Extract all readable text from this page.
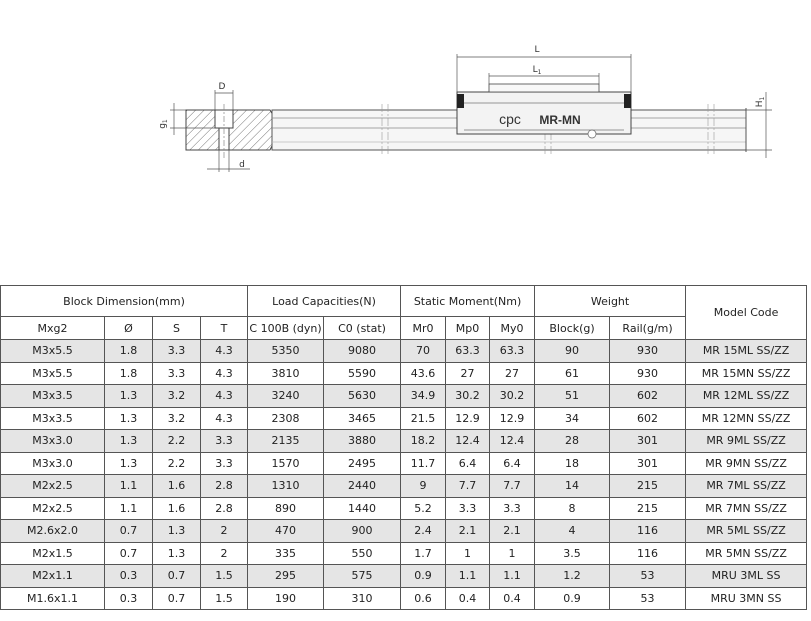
D
d
$g_1$	cpc MR-MN
L
$L_1$
$H_1$
Block Dimension(mm)				Load Capacities(N)		Static Moment(Nm)			Weight		Model Code
Mxg2	Ø	S	T	C 100B (dyn)	C0 (stat)	Mr0	Mp0	My0	Block(g)	Rail(g/m)	
M3x5.5	1.8	3.3	4.3	5350	9080	70	63.3	63.3	90	930	MR 15ML SS/ZZ
M3x5.5	1.8	3.3	4.3	3810	5590	43.6	27	27	61	930	MR 15MN SS/ZZ
M3x3.5	1.3	3.2	4.3	3240	5630	34.9	30.2	30.2	51	602	MR 12ML SS/ZZ
M3x3.5	1.3	3.2	4.3	2308	3465	21.5	12.9	12.9	34	602	MR 12MN SS/ZZ
M3x3.0	1.3	2.2	3.3	2135	3880	18.2	12.4	12.4	28	301	MR 9ML SS/ZZ
M3x3.0	1.3	2.2	3.3	1570	2495	11.7	6.4	6.4	18	301	MR 9MN SS/ZZ
M2x2.5	1.1	1.6	2.8	1310	2440	9	7.7	7.7	14	215	MR 7ML SS/ZZ
M2x2.5	1.1	1.6	2.8	890	1440	5.2	3.3	3.3	8	215	MR 7MN SS/ZZ
M2.6x2.0	0.7	1.3	2	470	900	2.4	2.1	2.1	4	116	MR 5ML SS/ZZ
M2x1.5	0.7	1.3	2	335	550	1.7	1	1	3.5	116	MR 5MN SS/ZZ
M2x1.1	0.3	0.7	1.5	295	575	0.9	1.1	1.1	1.2	53	MRU 3ML SS
M1.6x1.1	0.3	0.7	1.5	190	310	0.6	0.4	0.4	0.9	53	MRU 3MN SS
